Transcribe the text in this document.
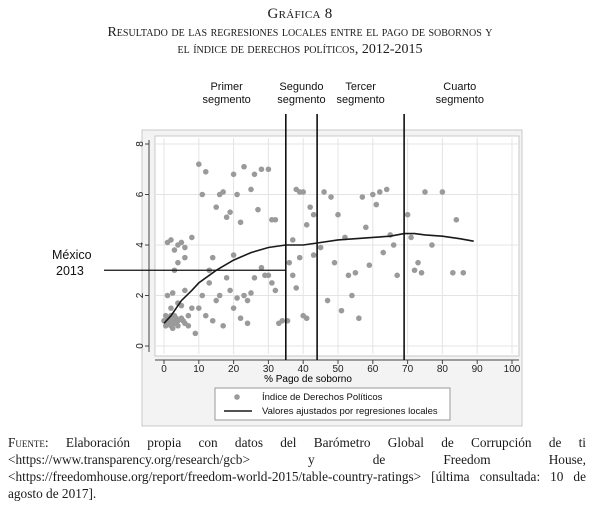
Gráfica 8
Resultado de las regresiones locales entre el pago de sobornos y
el índice de derechos políticos, 2012-2015
Primer
segmento
Segundo
segmento
Tercer
segmento
Cuarto
segmento
0	10 20 30 40 50 60 70 80 90 100
0
2
4
6
8
México
2013
% Pago de soborno
Índice de Derechos Políticos
Valores ajustados por regresiones locales
Fuente: Elaboración propia con datos del Barómetro Global de Corrupción de ti <https://www.transparency.org/research/gcb> y de Freedom House, <https://freedomhouse.org/report/freedom-world-2015/table-country-ratings> [última consultada: 10 de agosto de 2017].
